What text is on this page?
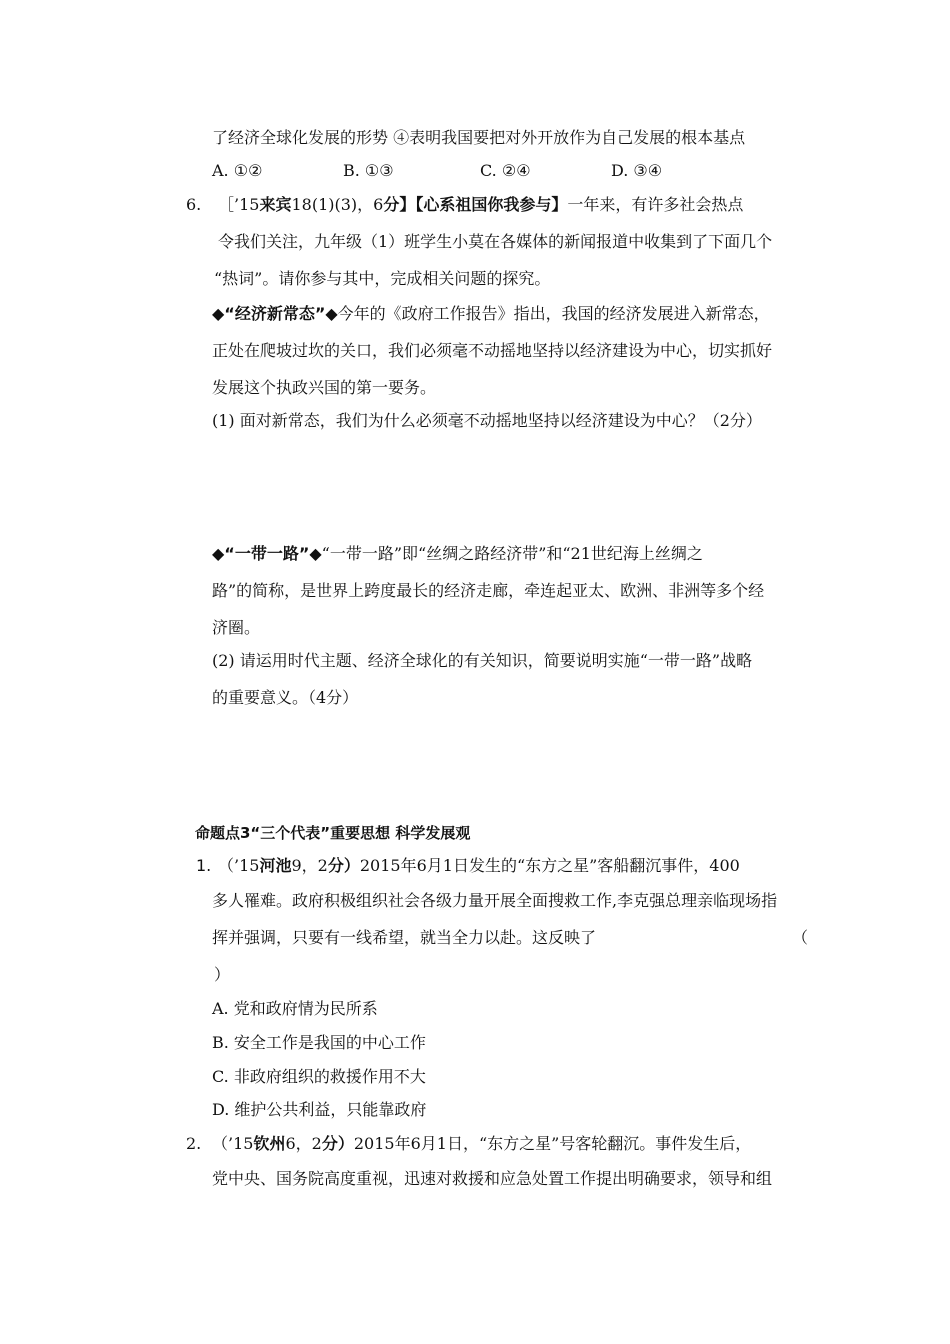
了经济全球化发展的形势 ④表明我国要把对外开放作为自己发展的根本基点
A. ①②	B. ①③	C. ②④	D. ③④
6. ［’15来宾18(1)(3)，6分】【心系祖国你我参与】一年来，有许多社会热点
令我们关注，九年级（1）班学生小莫在各媒体的新闻报道中收集到了下面几个
“热词”。请你参与其中，完成相关问题的探究。
◆“经济新常态”◆今年的《政府工作报告》指出，我国的经济发展进入新常态，
正处在爬坡过坎的关口，我们必须毫不动摇地坚持以经济建设为中心，切实抓好
发展这个执政兴国的第一要务。
(1) 面对新常态，我们为什么必须毫不动摇地坚持以经济建设为中心？（2分）
◆“一带一路”◆“一带一路”即“丝绸之路经济带”和“21世纪海上丝绸之
路”的简称，是世界上跨度最长的经济走廊，牵连起亚太、欧洲、非洲等多个经
济圈。
(2) 请运用时代主题、经济全球化的有关知识，简要说明实施“一带一路”战略
的重要意义。（4分）
命题点3“三个代表”重要思想 科学发展观
1. （’15河池9，2分）2015年6月1日发生的“东方之星”客船翻沉事件，400
多人罹难。政府积极组织社会各级力量开展全面搜救工作,李克强总理亲临现场指
挥并强调，只要有一线希望，就当全力以赴。这反映了	（
）
A. 党和政府情为民所系
B. 安全工作是我国的中心工作
C. 非政府组织的救援作用不大
D. 维护公共利益，只能靠政府
2. （’15钦州6，2分）2015年6月1日，“东方之星”号客轮翻沉。事件发生后，
党中央、国务院高度重视，迅速对救援和应急处置工作提出明确要求，领导和组
